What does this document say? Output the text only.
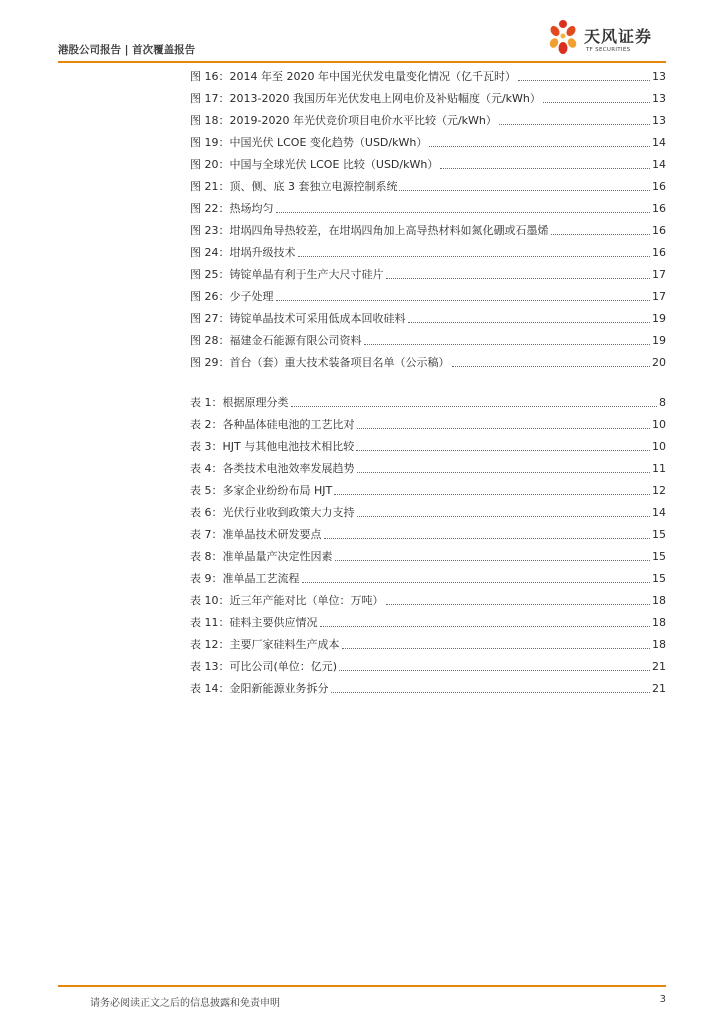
港股公司报告 | 首次覆盖报告
天风证券
TF SECURITIES
图 16：2014 年至 2020 年中国光伏发电量变化情况（亿千瓦时）	13
图 17：2013-2020 我国历年光伏发电上网电价及补贴幅度（元/kWh）	13
图 18：2019-2020 年光伏竞价项目电价水平比较（元/kWh）	13
图 19：中国光伏 LCOE 变化趋势（USD/kWh）	14
图 20：中国与全球光伏 LCOE 比较（USD/kWh）	14
图 21：顶、侧、底 3 套独立电源控制系统	16
图 22：热场均匀	16
图 23：坩埚四角导热较差，在坩埚四角加上高导热材料如氮化硼或石墨烯	16
图 24：坩埚升级技术	16
图 25：铸锭单晶有利于生产大尺寸硅片	17
图 26：少子处理	17
图 27：铸锭单晶技术可采用低成本回收硅料	19
图 28：福建金石能源有限公司资料	19
图 29：首台（套）重大技术装备项目名单（公示稿）	20
表 1：根据原理分类	8
表 2：各种晶体硅电池的工艺比对	10
表 3：HJT 与其他电池技术相比较	10
表 4：各类技术电池效率发展趋势	11
表 5：多家企业纷纷布局 HJT	12
表 6：光伏行业收到政策大力支持	14
表 7：准单晶技术研发要点	15
表 8：准单晶量产决定性因素	15
表 9：准单晶工艺流程	15
表 10：近三年产能对比（单位：万吨）	18
表 11：硅料主要供应情况	18
表 12：主要厂家硅料生产成本	18
表 13：可比公司(单位：亿元)	21
表 14：金阳新能源业务拆分	21
请务必阅读正文之后的信息披露和免责申明	3
